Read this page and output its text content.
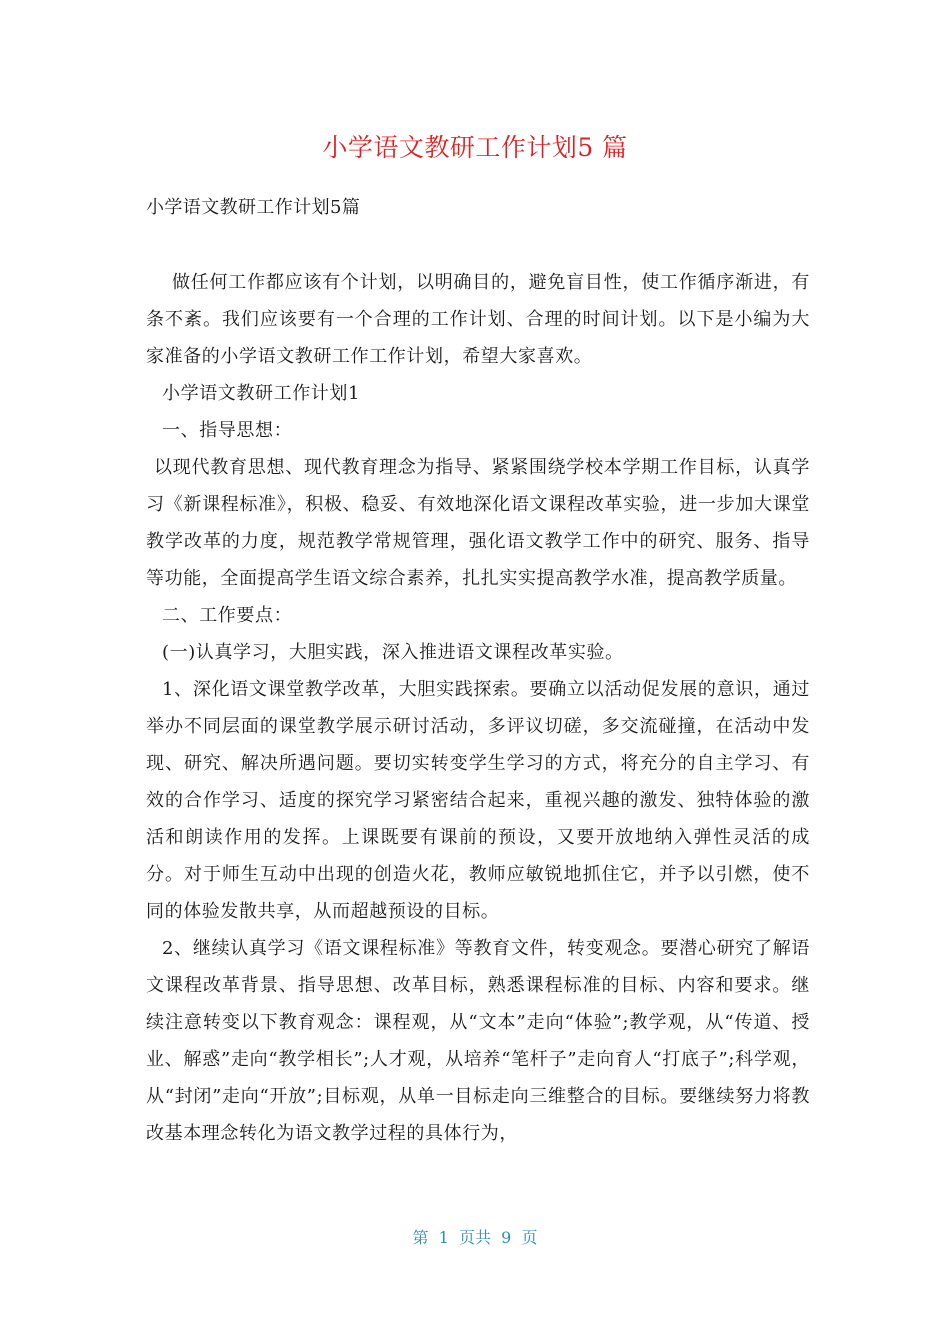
小学语文教研工作计划5 篇

小学语文教研工作计划5篇

做任何工作都应该有个计划，以明确目的，避免盲目性，使工作循序渐进，有条不紊。我们应该要有一个合理的工作计划、合理的时间计划。以下是小编为大家准备的小学语文教研工作工作计划，希望大家喜欢。

小学语文教研工作计划1

一、指导思想：

以现代教育思想、现代教育理念为指导、紧紧围绕学校本学期工作目标，认真学习《新课程标准》，积极、稳妥、有效地深化语文课程改革实验，进一步加大课堂教学改革的力度，规范教学常规管理，强化语文教学工作中的研究、服务、指导等功能，全面提高学生语文综合素养，扎扎实实提高教学水准，提高教学质量。

二、工作要点：

(一)认真学习，大胆实践，深入推进语文课程改革实验。

1、深化语文课堂教学改革，大胆实践探索。要确立以活动促发展的意识，通过举办不同层面的课堂教学展示研讨活动，多评议切磋，多交流碰撞，在活动中发现、研究、解决所遇问题。要切实转变学生学习的方式，将充分的自主学习、有效的合作学习、适度的探究学习紧密结合起来，重视兴趣的激发、独特体验的激活和朗读作用的发挥。上课既要有课前的预设，又要开放地纳入弹性灵活的成分。对于师生互动中出现的创造火花，教师应敏锐地抓住它，并予以引燃，使不同的体验发散共享，从而超越预设的目标。

2、继续认真学习《语文课程标准》等教育文件，转变观念。要潜心研究了解语文课程改革背景、指导思想、改革目标，熟悉课程标准的目标、内容和要求。继续注意转变以下教育观念：课程观，从“文本”走向“体验”;教学观，从“传道、授业、解惑”走向“教学相长”;人才观，从培养“笔杆子”走向育人“打底子”;科学观，从“封闭”走向“开放”;目标观，从单一目标走向三维整合的目标。要继续努力将教改基本理念转化为语文教学过程的具体行为，

第  1  页共  9  页
